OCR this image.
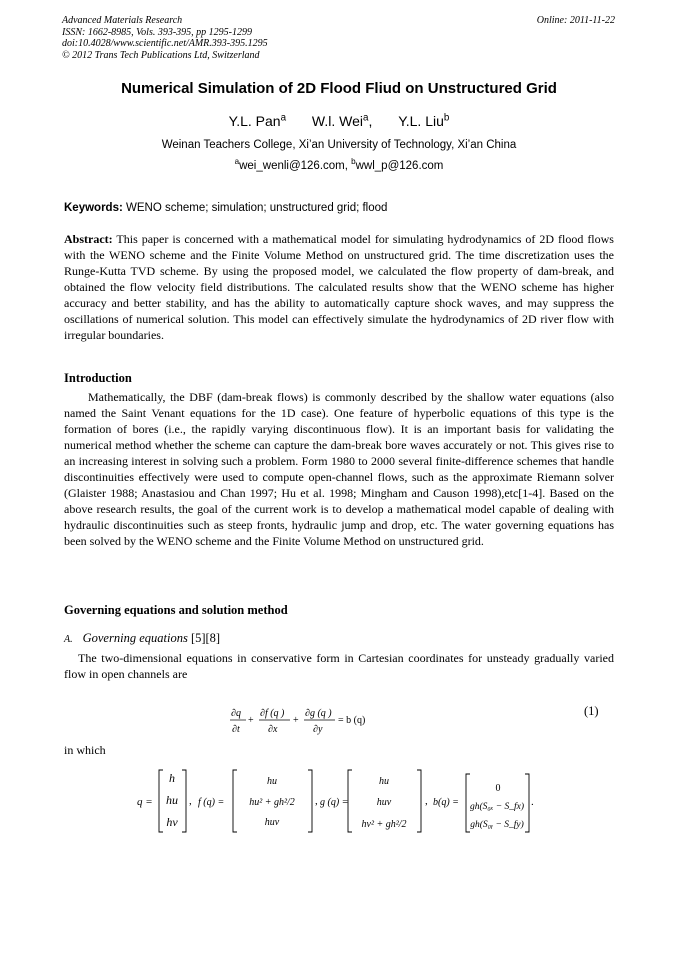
Advanced Materials Research
ISSN: 1662-8985, Vols. 393-395, pp 1295-1299
doi:10.4028/www.scientific.net/AMR.393-395.1295
© 2012 Trans Tech Publications Ltd, Switzerland
Online: 2011-11-22
Numerical Simulation of 2D Flood Fliud on Unstructured Grid
Y.L. Pan$^a$ W.l. Wei$^a$, Y.L. Liu$^b$
Weinan Teachers College, Xi’an University of Technology, Xi’an China
$^a$wei_wenli@126.com, $^b$wwl_p@126.com
Keywords: WENO scheme; simulation; unstructured grid; flood
Abstract: This paper is concerned with a mathematical model for simulating hydrodynamics of 2D flood flows with the WENO scheme and the Finite Volume Method on unstructured grid. The time discretization uses the Runge-Kutta TVD scheme. By using the proposed model, we calculated the flow property of dam-break, and obtained the flow velocity field distributions. The calculated results show that the WENO scheme has higher accuracy and better stability, and has the ability to automatically capture shock waves, and may suppress the oscillations of numerical solution. This model can effectively simulate the hydrodynamics of 2D river flow with irregular boundaries.
Introduction
Mathematically, the DBF (dam-break flows) is commonly described by the shallow water equations (also named the Saint Venant equations for the 1D case). One feature of hyperbolic equations of this type is the formation of bores (i.e., the rapidly varying discontinuous flow). It is an important basis for validating the numerical method whether the scheme can capture the dam-break bore waves accurately or not. This gives rise to an increasing interest in solving such a problem. Form 1980 to 2000 several finite-difference schemes that handle discontinuities effectively were used to compute open-channel flows, such as the approximate Riemann solver (Glaister 1988; Anastasiou and Chan 1997; Hu et al. 1998; Mingham and Causon 1998),etc[1-4]. Based on the above research results, the goal of the current work is to develop a mathematical model capable of dealing with hydraulic discontinuities such as steep fronts, hydraulic jump and drop, etc. The water governing equations has been solved by the WENO scheme and the Finite Volume Method on unstructured grid.
Governing equations and solution method
A. Governing equations [5][8]
The two-dimensional equations in conservative form in Cartesian coordinates for unsteady gradually varied flow in open channels are
∂q
∂t
+
∂f (q )
∂x
+
∂g (q )
∂y
= b (q)
(1)
in which
q =
h
hu
hv
, f (q) =
hu
hu² + gh²/2
huv
, g (q) =
hu
huv
hv² + gh²/2
, b(q) =
0
gh(S₀ₓ − S_fx)
gh(S₀ᵧ − S_fy)
.
